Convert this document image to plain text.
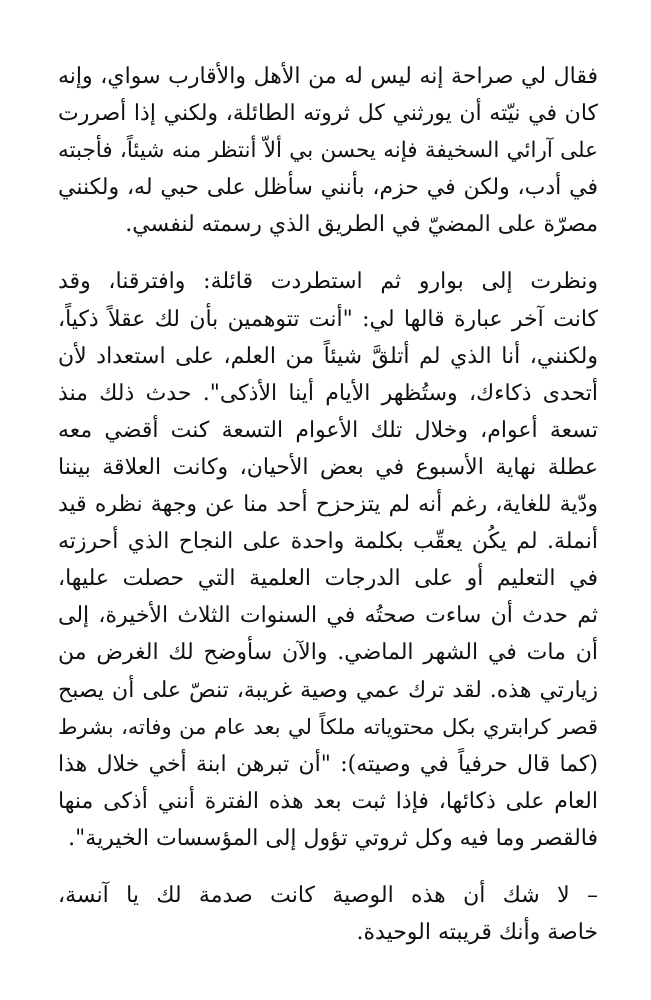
فقال لي صراحة إنه ليس له من الأهل والأقارب سواي، وإنه
كان في نيّته أن يورثني كل ثروته الطائلة، ولكني إذا أصررت
على آرائي السخيفة فإنه يحسن بي ألاّ أنتظر منه شيئاً، فأجبته
في أدب، ولكن في حزم، بأنني سأظل على حبي له، ولكنني
مصرّة على المضيّ في الطريق الذي رسمته لنفسي.

ونظرت إلى بوارو ثم استطردت قائلة: وافترقنا، وقد
كانت آخر عبارة قالها لي: "أنت تتوهمين بأن لك عقلاً ذكياً،
ولكنني، أنا الذي لم أتلقَّ شيئاً من العلم، على استعداد لأن
أتحدى ذكاءك، وستُظهر الأيام أينا الأذكى". حدث ذلك منذ
تسعة أعوام، وخلال تلك الأعوام التسعة كنت أقضي معه
عطلة نهاية الأسبوع في بعض الأحيان، وكانت العلاقة بيننا
ودّية للغاية، رغم أنه لم يتزحزح أحد منا عن وجهة نظره قيد
أنملة. لم يكُن يعقّب بكلمة واحدة على النجاح الذي أحرزته
في التعليم أو على الدرجات العلمية التي حصلت عليها،
ثم حدث أن ساءت صحتُه في السنوات الثلاث الأخيرة، إلى
أن مات في الشهر الماضي. والآن سأوضح لك الغرض من
زيارتي هذه. لقد ترك عمي وصية غريبة، تنصّ على أن يصبح
قصر كرابتري بكل محتوياته ملكاً لي بعد عام من وفاته، بشرط
(كما قال حرفياً في وصيته): "أن تبرهن ابنة أخي خلال هذا
العام على ذكائها، فإذا ثبت بعد هذه الفترة أنني أذكى منها
فالقصر وما فيه وكل ثروتي تؤول إلى المؤسسات الخيرية".

– لا شك أن هذه الوصية كانت صدمة لك يا آنسة،
خاصة وأنك قريبته الوحيدة.
